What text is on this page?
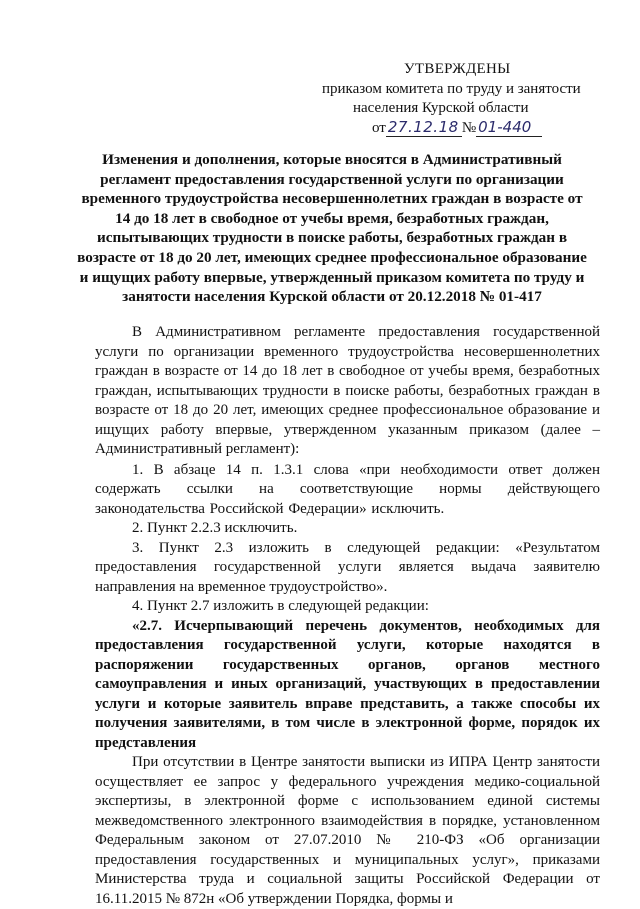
УТВЕРЖДЕНЫ
приказом комитета по труду и занятости
населения Курской области
от 27.12.18 № 01-440
Изменения и дополнения, которые вносятся в Административный регламент предоставления государственной услуги по организации временного трудоустройства несовершеннолетних граждан в возрасте от 14 до 18 лет в свободное от учебы время, безработных граждан, испытывающих трудности в поиске работы, безработных граждан в возрасте от 18 до 20 лет, имеющих среднее профессиональное образование и ищущих работу впервые, утвержденный приказом комитета по труду и занятости населения Курской области от 20.12.2018 № 01-417

В Административном регламенте предоставления государственной услуги по организации временного трудоустройства несовершеннолетних граждан в возрасте от 14 до 18 лет в свободное от учебы время, безработных граждан, испытывающих трудности в поиске работы, безработных граждан в возрасте от 18 до 20 лет, имеющих среднее профессиональное образование и ищущих работу впервые, утвержденном указанным приказом (далее – Административный регламент):

1. В абзаце 14 п. 1.3.1 слова «при необходимости ответ должен содержать ссылки на соответствующие нормы действующего законодательства Российской Федерации» исключить.

2. Пункт 2.2.3 исключить.

3. Пункт 2.3 изложить в следующей редакции: «Результатом предоставления государственной услуги является выдача заявителю направления на временное трудоустройство».

4. Пункт 2.7 изложить в следующей редакции:

«2.7. Исчерпывающий перечень документов, необходимых для предоставления государственной услуги, которые находятся в распоряжении государственных органов, органов местного самоуправления и иных организаций, участвующих в предоставлении услуги и которые заявитель вправе представить, а также способы их получения заявителями, в том числе в электронной форме, порядок их представления

При отсутствии в Центре занятости выписки из ИПРА Центр занятости осуществляет ее запрос у федерального учреждения медико-социальной экспертизы, в электронной форме с использованием единой системы межведомственного электронного взаимодействия в порядке, установленном Федеральным законом от 27.07.2010 № 210-ФЗ «Об организации предоставления государственных и муниципальных услуг», приказами Министерства труда и социальной защиты Российской Федерации от 16.11.2015 № 872н «Об утверждении Порядка, формы и
